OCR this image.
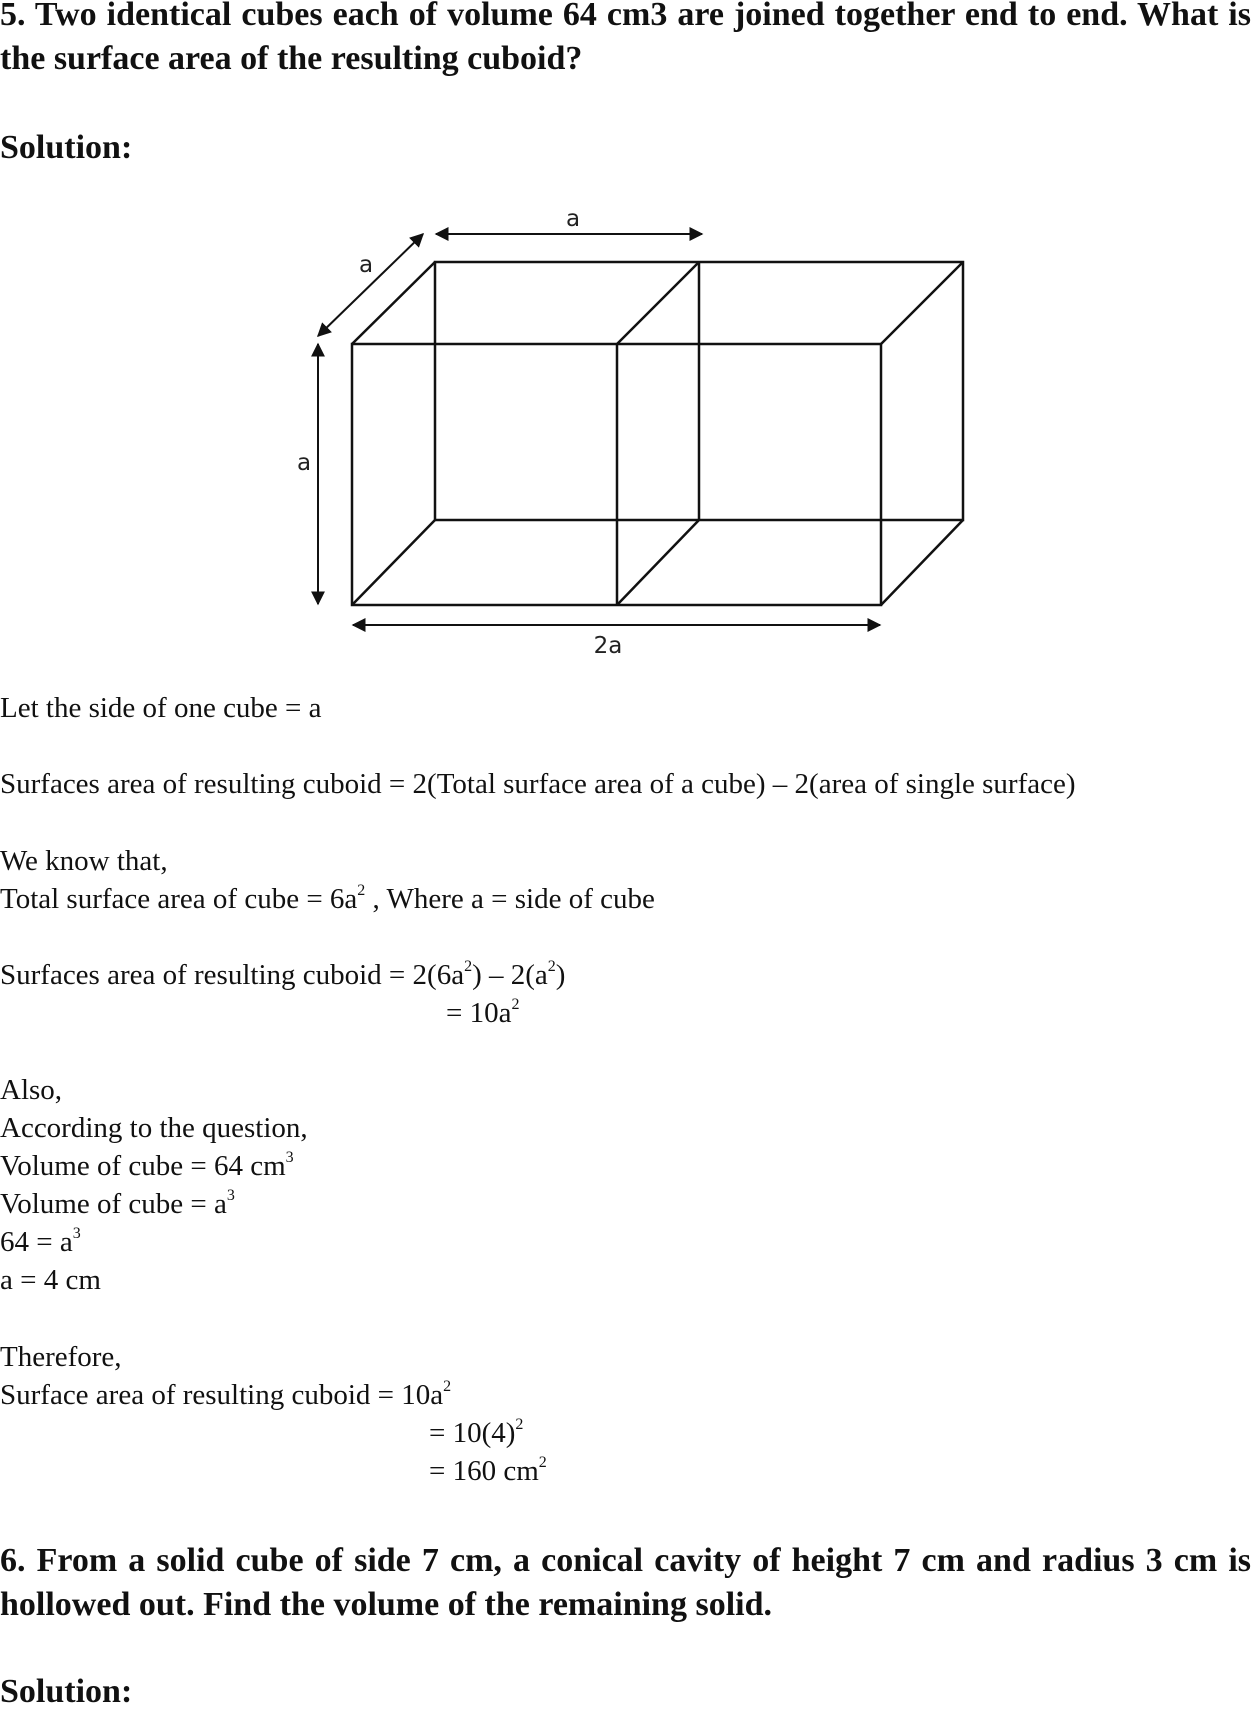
5. Two identical cubes each of volume 64 cm3 are joined together end to end. What is the surface area of the resulting cuboid?

Solution:

a
a
a
2a

Let the side of one cube = a

Surfaces area of resulting cuboid = 2(Total surface area of a cube) – 2(area of single surface)

We know that,

Total surface area of cube = $6a^2$ , Where a = side of cube

Surfaces area of resulting cuboid = $2(6a^2) - 2(a^2)$

= $10a^2$

Also,

According to the question,

Volume of cube = 64 $cm^3$

Volume of cube = $a^3$

$64 = a^3$

a = 4 cm

Therefore,

Surface area of resulting cuboid = $10a^2$

= $10(4)^2$

= 160 $cm^2$

6. From a solid cube of side 7 cm, a conical cavity of height 7 cm and radius 3 cm is hollowed out. Find the volume of the remaining solid.

Solution:
